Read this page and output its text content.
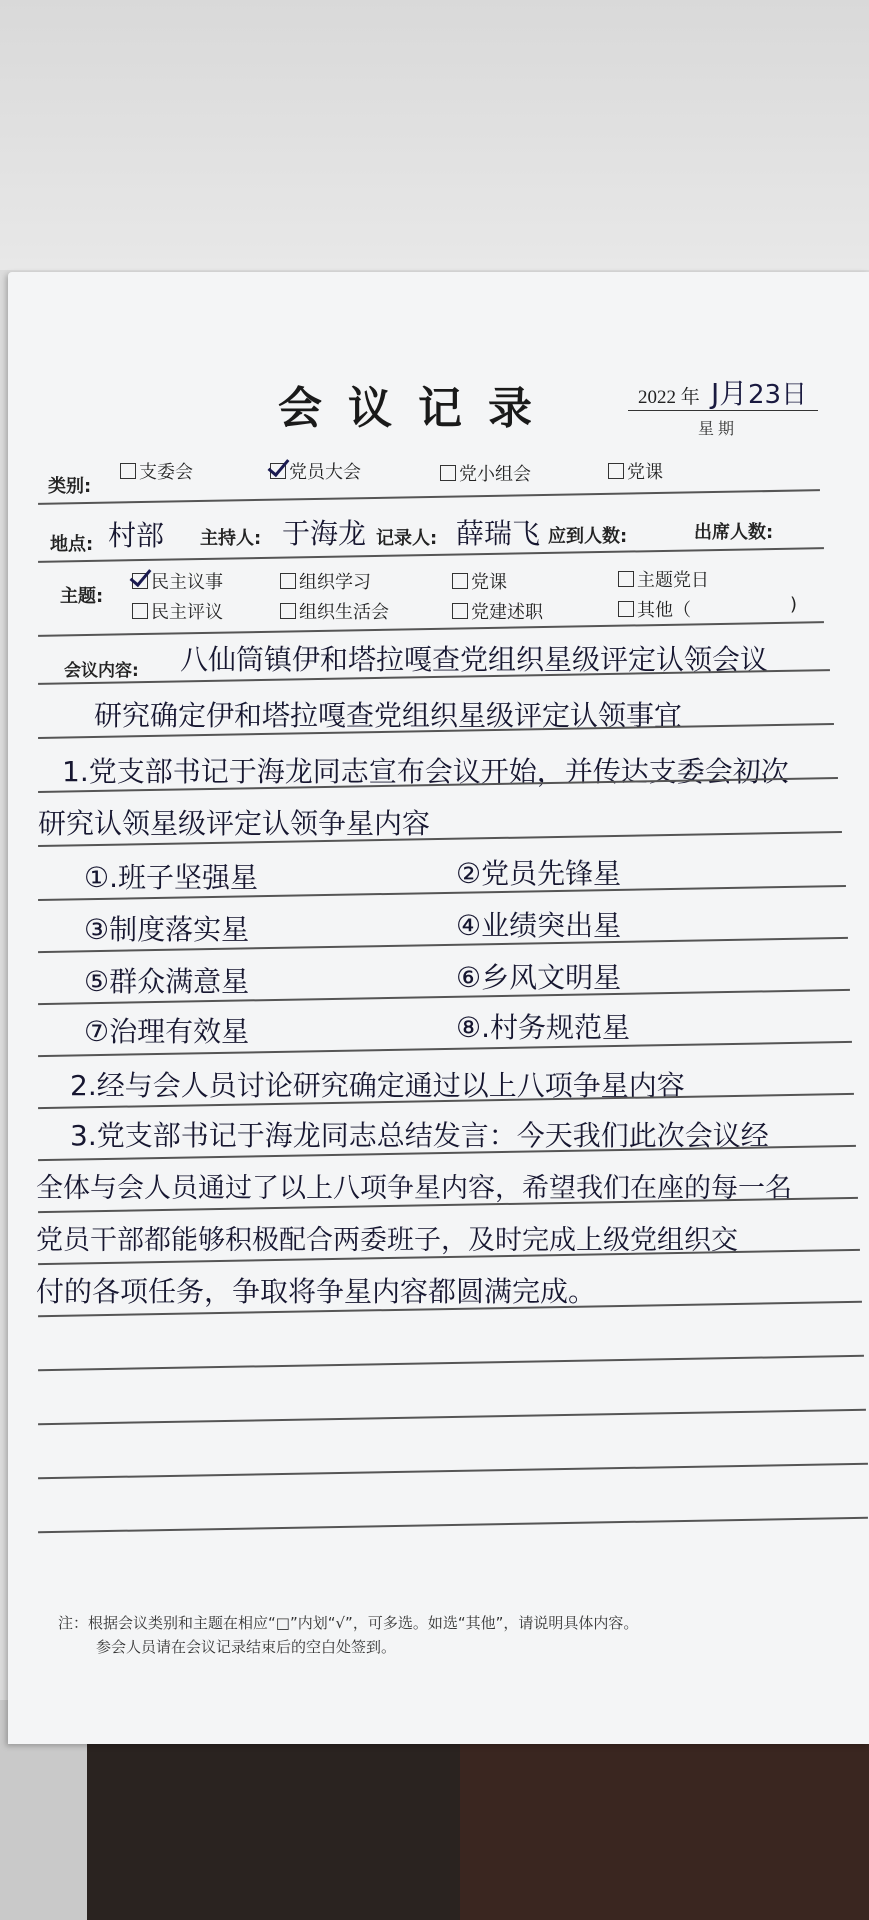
会议记录	2022 年 J月 23日
星期
类别:
支委会	党员大会	党小组会	党课
地点: 村部 主持人: 于海龙 记录人: 薛瑞飞 应到人数:	出席人数:
主题:
民主议事	组织学习	党课	主题党日
民主评议	组织生活会	党建述职	其他（	)
会议内容: 八仙筒镇伊和塔拉嘎查党组织星级评定认领会议
研究确定伊和塔拉嘎查党组织星级评定认领事宜
1.党支部书记于海龙同志宣布会议开始，并传达支委会初次
研究认领星级评定认领争星内容
①.班子坚强星	②党员先锋星
③制度落实星	④业绩突出星
⑤群众满意星	⑥乡风文明星
⑦治理有效星	⑧.村务规范星
2.经与会人员讨论研究确定通过以上八项争星内容
3.党支部书记于海龙同志总结发言：今天我们此次会议经
全体与会人员通过了以上八项争星内容，希望我们在座的每一名
党员干部都能够积极配合两委班子，及时完成上级党组织交
付的各项任务，争取将争星内容都圆满完成。
注：根据会议类别和主题在相应“□”内划“√”，可多选。如选“其他”，请说明具体内容。
参会人员请在会议记录结束后的空白处签到。
